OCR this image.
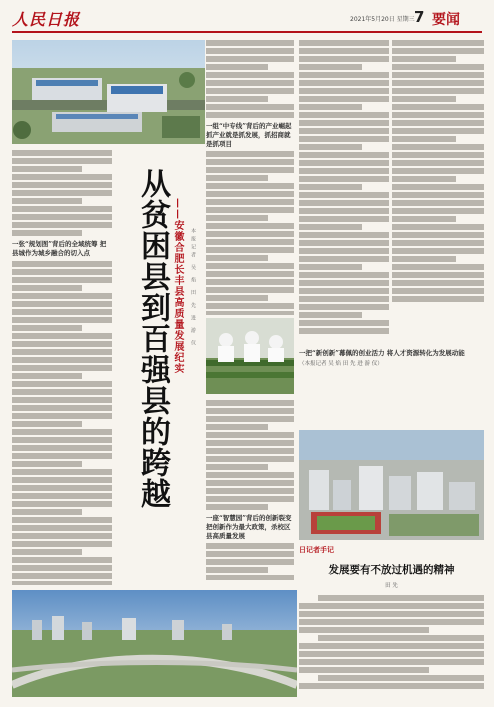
人民日报	2021年5月20日 星期三 7 要闻
一张“规划图”背后的全域统筹 把县城作为城乡融合的切入点	从贫困县到百强县的跨越 ——安徽合肥长丰县高质量发展纪实	本报记者 吴 焰 田 先 进 游 仪
一组“中专线”背后的产业崛起 抓产业就是抓发展，抓招商就是抓项目
一座“智慧园”背后的创新裂变 把创新作为最大政策，杀校区县高质量发展
一把“新创新”幕佩的创业活力 将人才资源转化为发展动能
（本报记者 吴 焰 田 先 进 游 仪）
日记者手记
发展要有不放过机遇的精神
田 先
